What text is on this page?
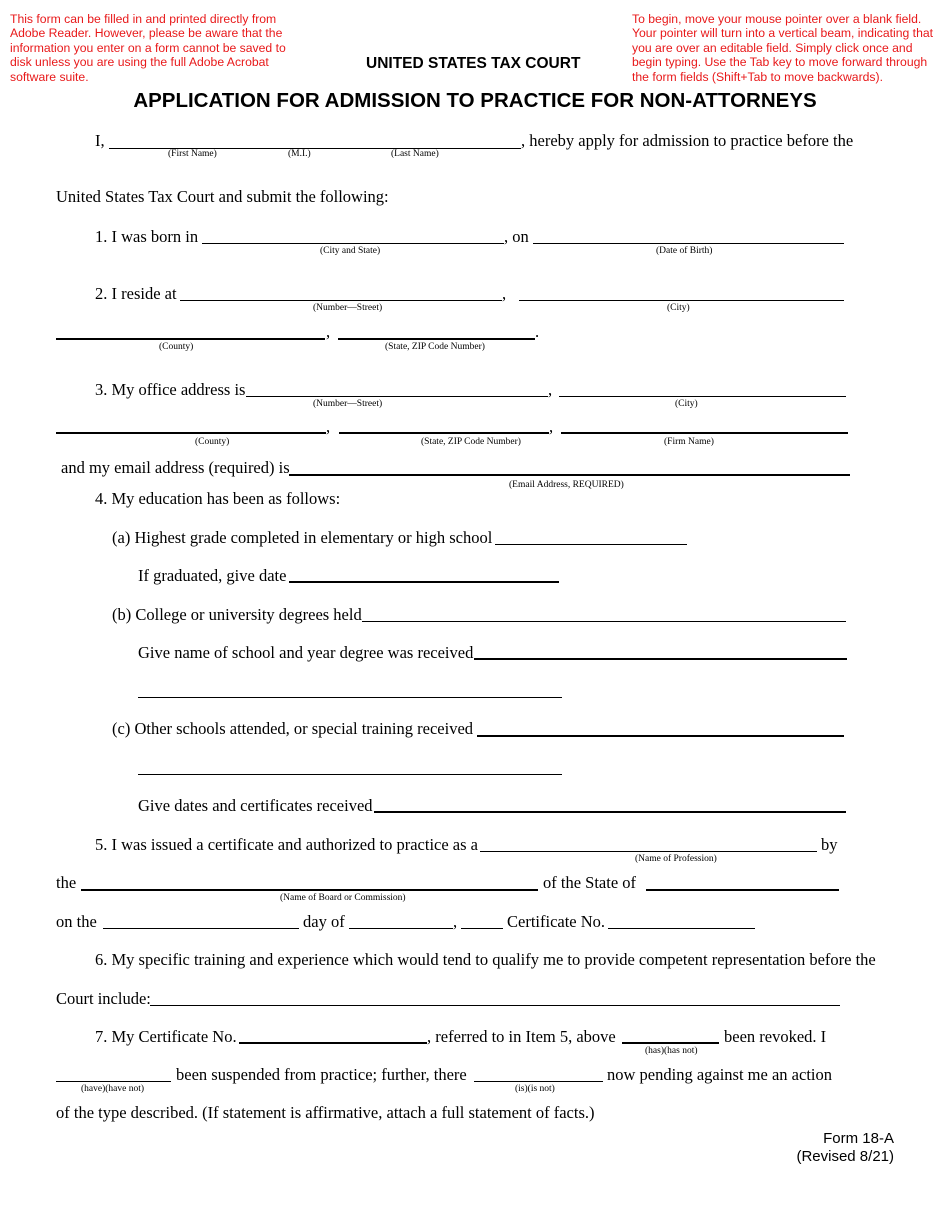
This form can be filled in and printed directly from Adobe Reader. However, please be aware that the information you enter on a form cannot be saved to disk unless you are using the full Adobe Acrobat software suite.
To begin, move your mouse pointer over a blank field. Your pointer will turn into a vertical beam, indicating that you are over an editable field. Simply click once and begin typing. Use the Tab key to move forward through the form fields (Shift+Tab to move backwards).
UNITED STATES TAX COURT
APPLICATION FOR ADMISSION TO PRACTICE FOR NON-ATTORNEYS
I,
(First Name)	(M.I.)	(Last Name)
, hereby apply for admission to practice before the
United States Tax Court and submit the following:
1. I was born in
(City and State)
, on
(Date of Birth)
2. I reside at
(Number—Street)
,
(City)
(County)
,
(State, ZIP Code Number)
.
3. My office address is
(Number—Street)
,
(City)
(County)
,
(State, ZIP Code Number)
,
(Firm Name)
and my email address (required) is
(Email Address, REQUIRED)
4. My education has been as follows:
(a) Highest grade completed in elementary or high school
If graduated, give date
(b) College or university degrees held
Give name of school and year degree was received
(c) Other schools attended, or special training received
Give dates and certificates received
5. I was issued a certificate and authorized to practice as a
(Name of Profession)
by
the
(Name of Board or Commission)
of the State of
on the	day of	,	Certificate No.
6. My specific training and experience which would tend to qualify me to provide competent representation before the
Court include:
7. My Certificate No.	, referred to in Item 5, above
(has)(has not)
been revoked. I
(have)(have not)
been suspended from practice; further, there
(is)(is not)
now pending against me an action
of the type described. (If statement is affirmative, attach a full statement of facts.)
Form 18-A
(Revised 8/21)
